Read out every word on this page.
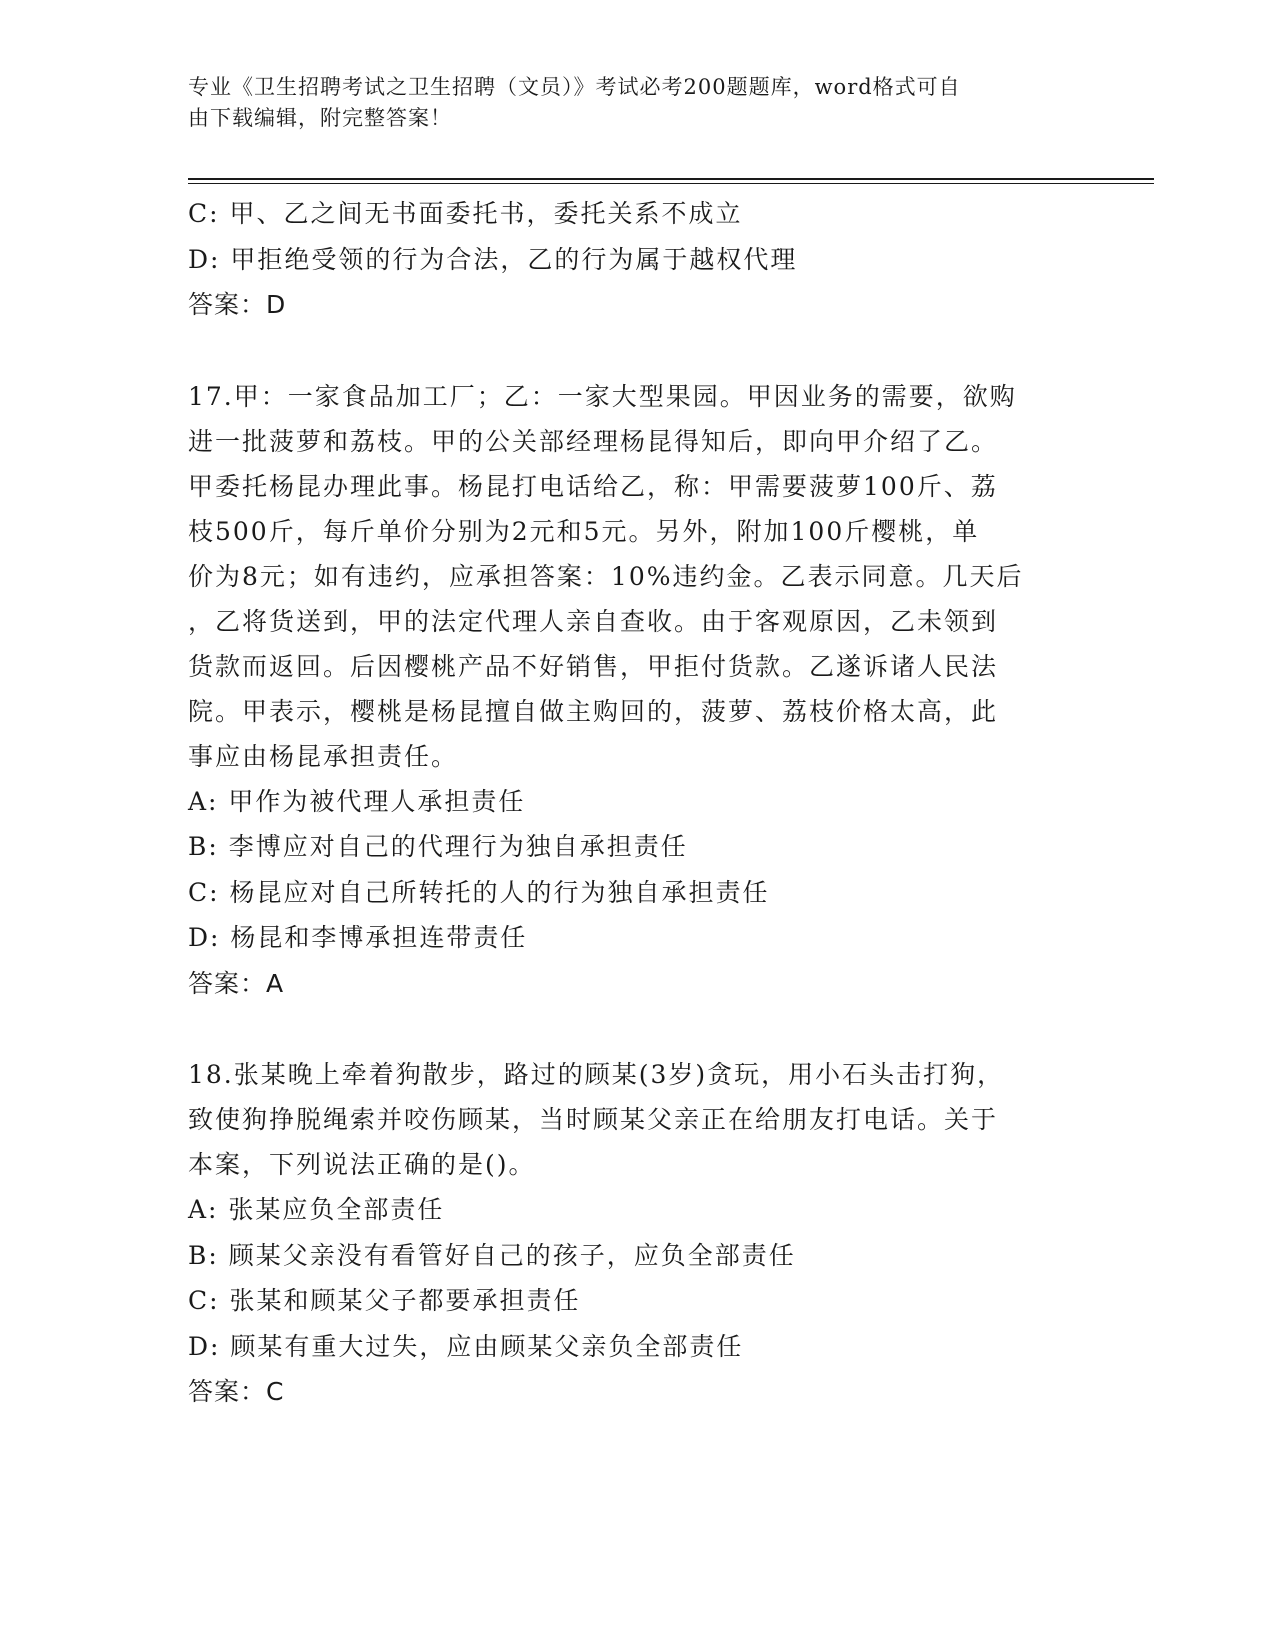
专业《卫生招聘考试之卫生招聘（文员）》考试必考200题题库，word格式可自
由下载编辑，附完整答案！
C: 甲、乙之间无书面委托书，委托关系不成立
D: 甲拒绝受领的行为合法，乙的行为属于越权代理
答案：D
17.甲：一家食品加工厂；乙：一家大型果园。甲因业务的需要，欲购
进一批菠萝和荔枝。甲的公关部经理杨昆得知后，即向甲介绍了乙。
甲委托杨昆办理此事。杨昆打电话给乙，称：甲需要菠萝100斤、荔
枝500斤，每斤单价分别为2元和5元。另外，附加100斤樱桃，单
价为8元；如有违约，应承担答案：10%违约金。乙表示同意。几天后
，乙将货送到，甲的法定代理人亲自查收。由于客观原因，乙未领到
货款而返回。后因樱桃产品不好销售，甲拒付货款。乙遂诉诸人民法
院。甲表示，樱桃是杨昆擅自做主购回的，菠萝、荔枝价格太高，此
事应由杨昆承担责任。
A: 甲作为被代理人承担责任
B: 李博应对自己的代理行为独自承担责任
C: 杨昆应对自己所转托的人的行为独自承担责任
D: 杨昆和李博承担连带责任
答案：A
18.张某晚上牵着狗散步，路过的顾某(3岁)贪玩，用小石头击打狗，
致使狗挣脱绳索并咬伤顾某，当时顾某父亲正在给朋友打电话。关于
本案，下列说法正确的是()。
A: 张某应负全部责任
B: 顾某父亲没有看管好自己的孩子，应负全部责任
C: 张某和顾某父子都要承担责任
D: 顾某有重大过失，应由顾某父亲负全部责任
答案：C
